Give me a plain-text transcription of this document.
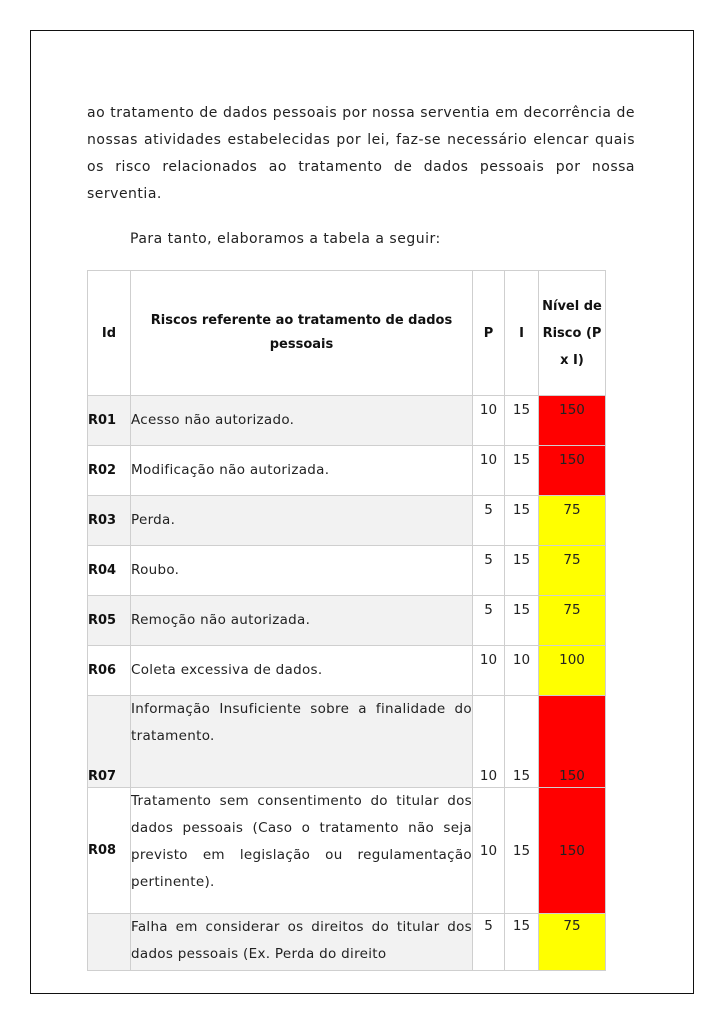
ao tratamento de dados pessoais por nossa serventia em decorrência de nossas atividades estabelecidas por lei, faz-se necessário elencar quais os risco relacionados ao tratamento de dados pessoais por nossa serventia.

Para tanto, elaboramos a tabela a seguir:

Id	Riscos referente ao tratamento de dados pessoais	P	I	Nível de Risco (P x I)
R01	Acesso não autorizado.	10	15	150
R02	Modificação não autorizada.	10	15	150
R03	Perda.	5	15	75
R04	Roubo.	5	15	75
R05	Remoção não autorizada.	5	15	75
R06	Coleta excessiva de dados.	10	10	100
R07	Informação Insuficiente sobre a finalidade do tratamento.	10	15	150
R08	Tratamento sem consentimento do titular dos dados pessoais (Caso o tratamento não seja previsto em legislação ou regulamentação pertinente).	10	15	150
	Falha em considerar os direitos do titular dos dados pessoais (Ex. Perda do direito	5	15	75
